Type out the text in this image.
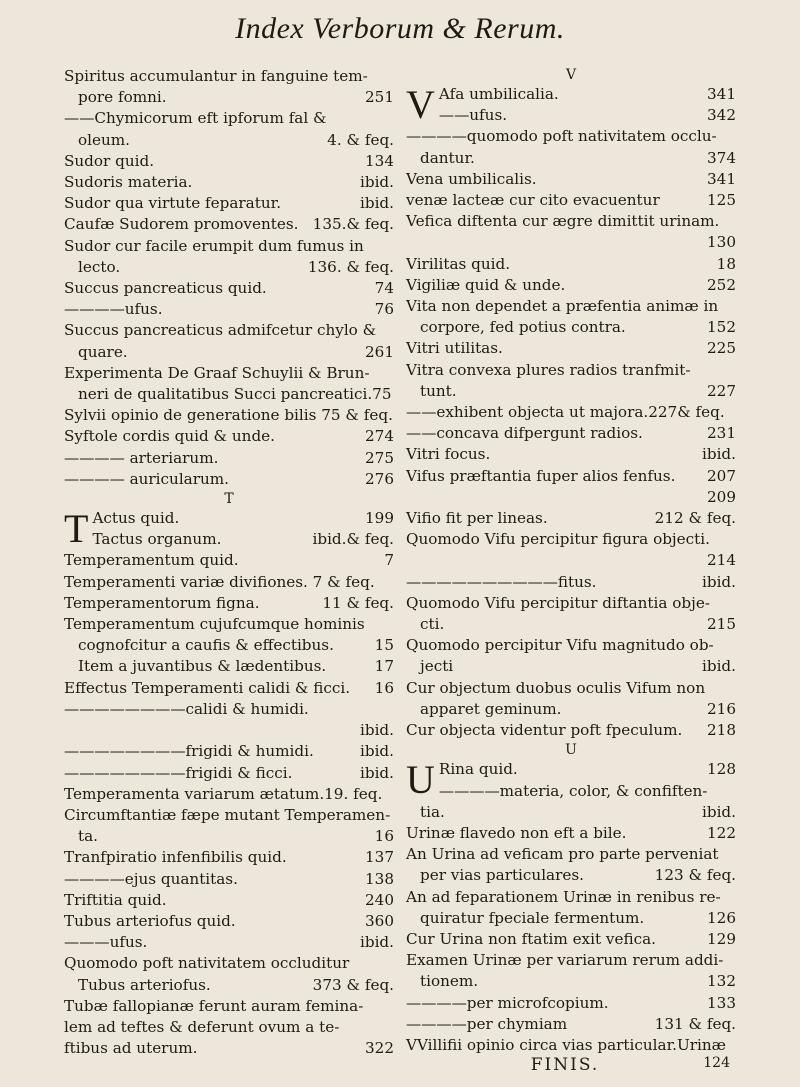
Index Verborum & Rerum.
Spiritus accumulantur in fanguine tem-
pore fomni.	251
——Chymicorum eft ipforum fal &
oleum.	4. & feq.
Sudor quid.	134
Sudoris materia.	ibid.
Sudor qua virtute feparatur.	ibid.
Caufæ Sudorem promoventes. 135.& feq.
Sudor cur facile erumpit dum fumus in
lecto.	136. & feq.
Succus pancreaticus quid.	74
————ufus.	76
Succus pancreaticus admifcetur chylo &
quare.	261
Experimenta De Graaf Schuylii & Brun-
neri de qualitatibus Succi pancreatici.75
Sylvii opinio de generatione bilis 75 & feq.
Syftole cordis quid & unde.	274
———— arteriarum.	275
———— auricularum.	276
T
T Actus quid.	199
Tactus organum.	ibid.& feq.
Temperamentum quid.	7
Temperamenti variæ divifiones. 7 & feq.
Temperamentorum figna.	11 & feq.
Temperamentum cujufcumque hominis
cognofcitur a caufis & effectibus.	15
Item a juvantibus & lædentibus.	17
Effectus Temperamenti calidi & ficci. 16
————————calidi & humidi.
ibid.
————————frigidi & humidi.	ibid.
————————frigidi & ficci.	ibid.
Temperamenta variarum ætatum.19. feq.
Circumftantiæ fæpe mutant Temperamen-
ta.	16
Tranfpiratio infenfibilis quid.	137
————ejus quantitas.	138
Triftitia quid.	240
Tubus arteriofus quid.	360
———ufus.	ibid.
Quomodo poft nativitatem occluditur
Tubus arteriofus.	373 & feq.
Tubæ fallopianæ ferunt auram femina-
lem ad teftes & deferunt ovum a te-
ftibus ad uterum.	322
V
V Afa umbilicalia.	341
——ufus.	342
————quomodo poft nativitatem occlu-
dantur.	374
Vena umbilicalis.	341
venæ lacteæ cur cito evacuentur	125
Vefica diftenta cur ægre dimittit urinam.
130
Virilitas quid.	18
Vigiliæ quid & unde.	252
Vita non dependet a præfentia animæ in
corpore, fed potius contra.	152
Vitri utilitas.	225
Vitra convexa plures radios tranfmit-
tunt.	227
——exhibent objecta ut majora.227& feq.
——concava difpergunt radios.	231
Vitri focus.	ibid.
Vifus præftantia fuper alios fenfus. 207
209
Vifio fit per lineas.	212 & feq.
Quomodo Vifu percipitur figura objecti.
214
——————————fitus.	ibid.
Quomodo Vifu percipitur diftantia obje-
cti.	215
Quomodo percipitur Vifu magnitudo ob-
jecti	ibid.
Cur objectum duobus oculis Vifum non
apparet geminum.	216
Cur objecta videntur poft fpeculum. 218
U
U Rina quid.	128
————materia, color, & confiften-
tia.	ibid.
Urinæ flavedo non eft a bile.	122
An Urina ad veficam pro parte perveniat
per vias particulares.	123 & feq.
An ad feparationem Urinæ in renibus re-
quiratur fpeciale fermentum.	126
Cur Urina non ftatim exit vefica.	129
Examen Urinæ per variarum rerum addi-
tionem.	132
————per microfcopium.	133
————per chymiam	131 & feq.
VVillifii opinio circa vias particular.Urinæ
FINIS.	124
